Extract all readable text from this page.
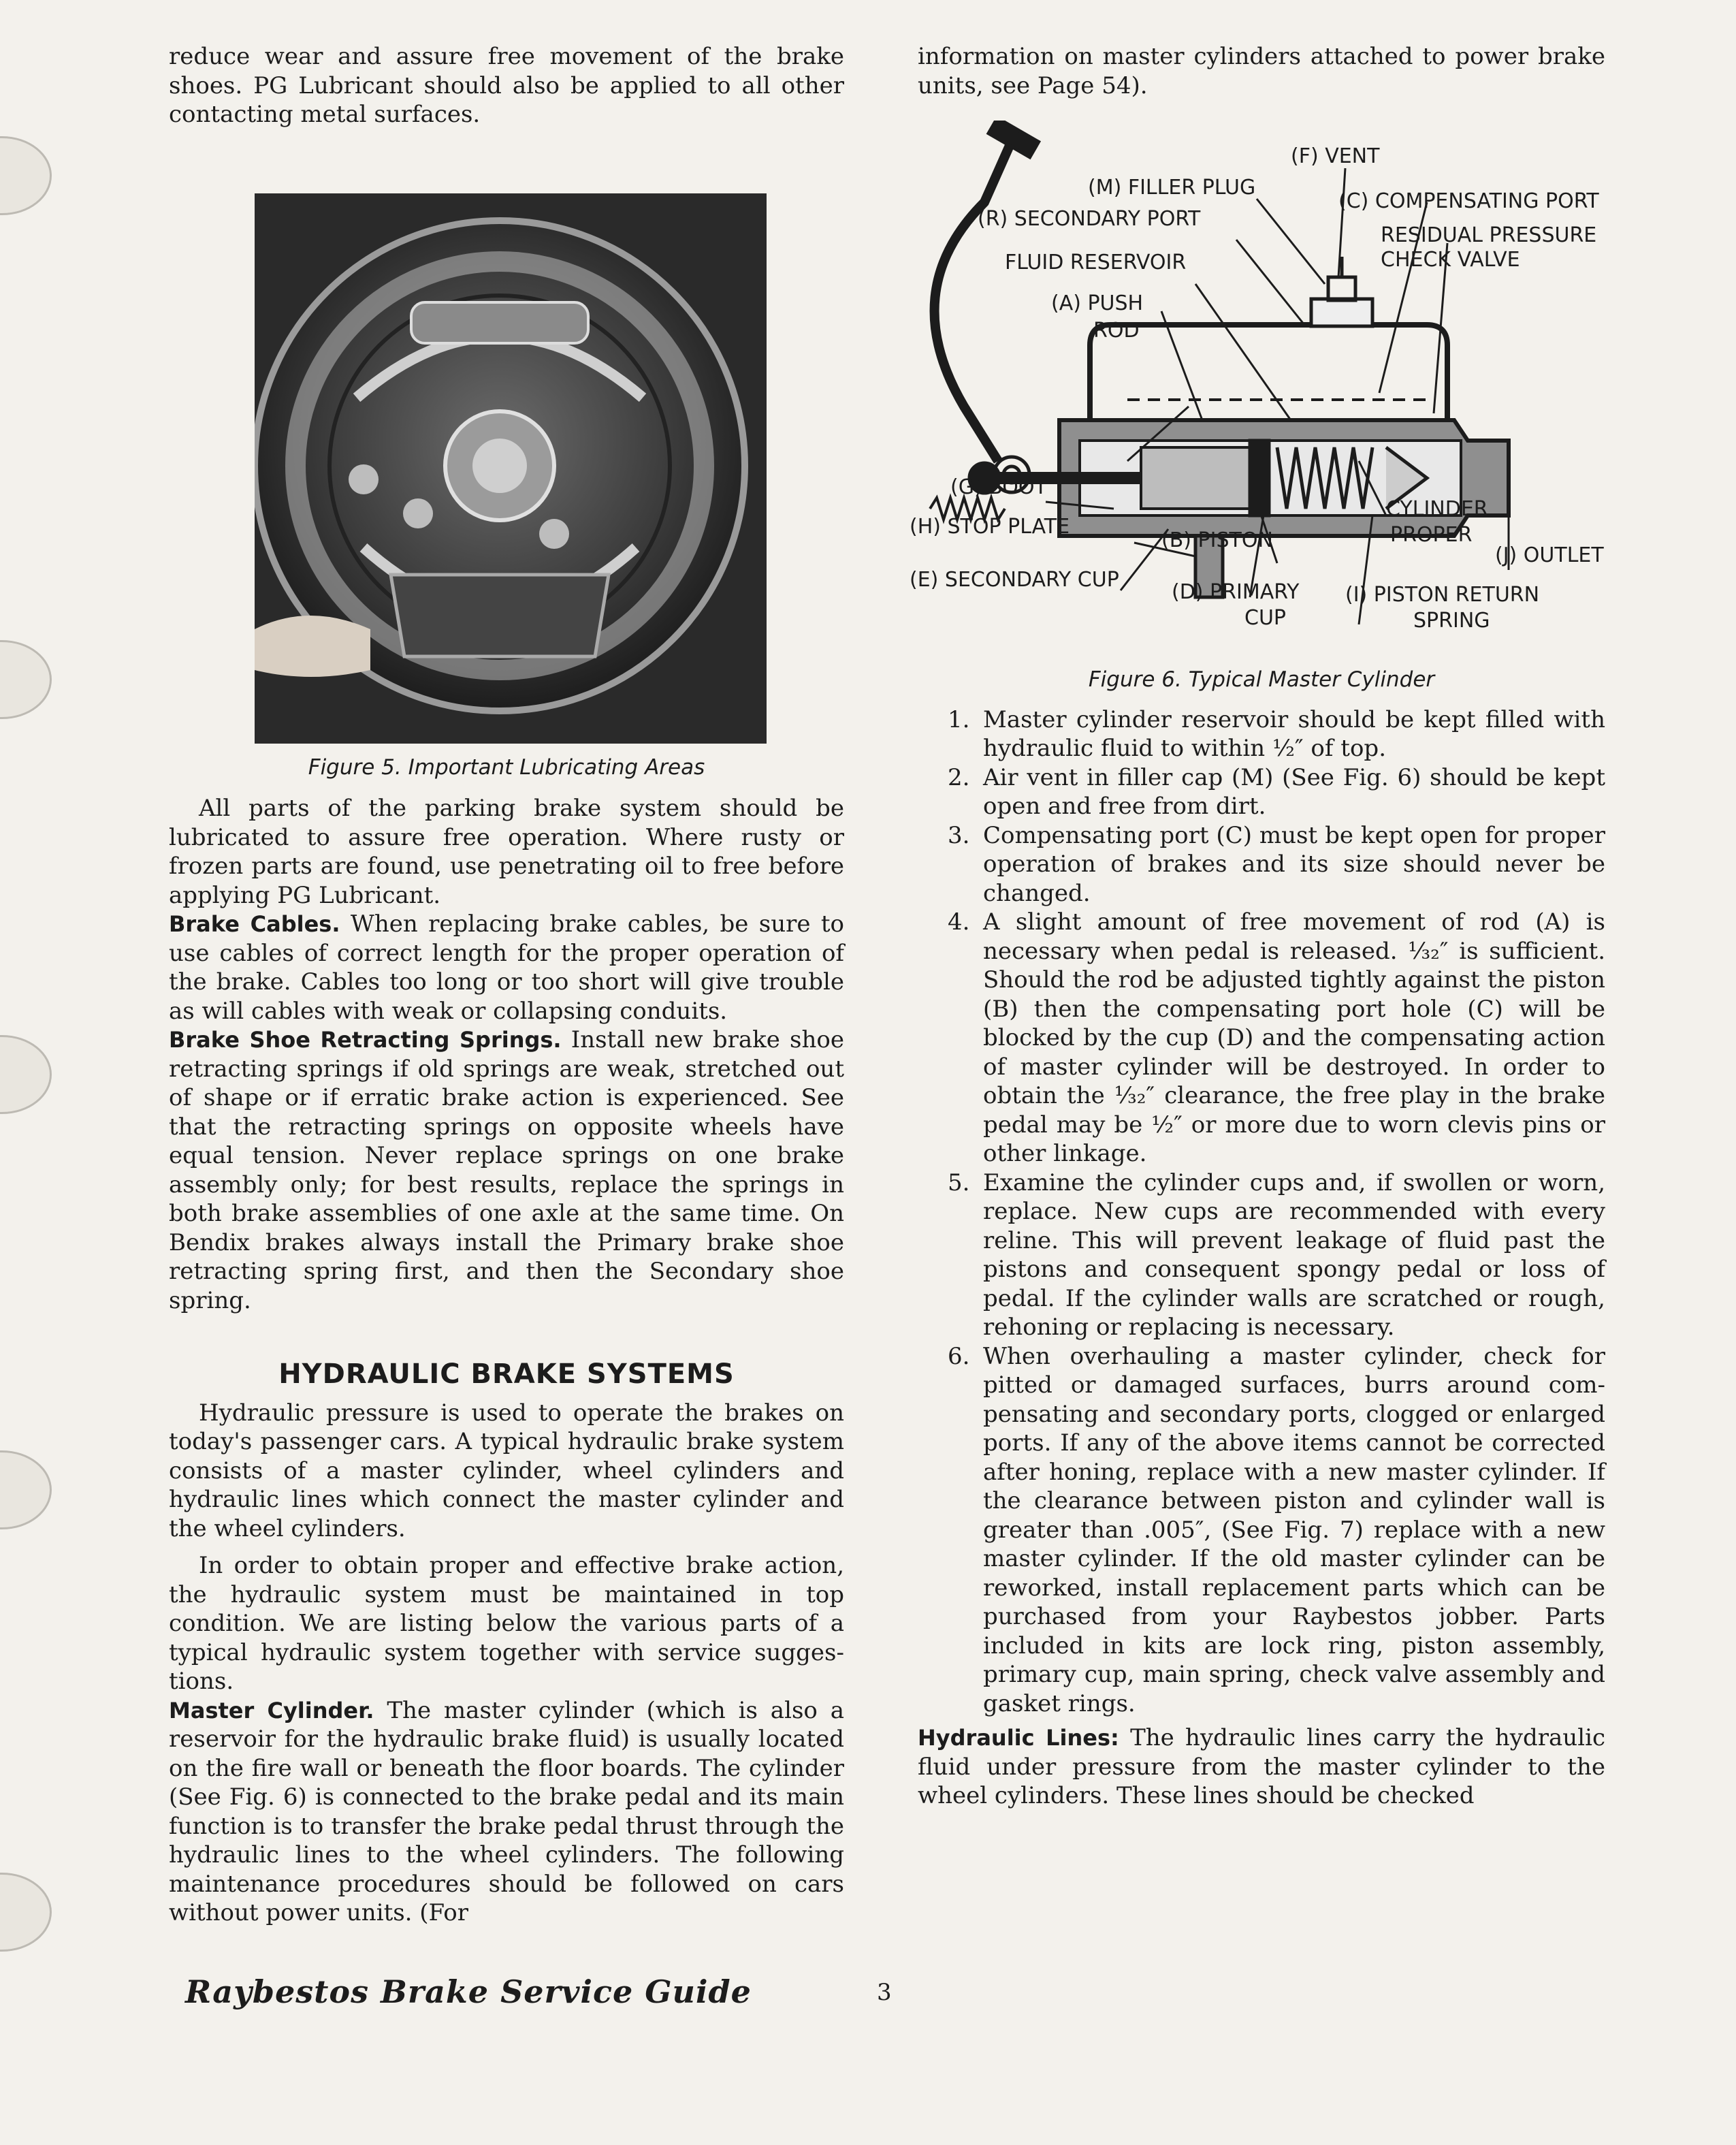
reduce wear and assure free movement of the brake shoes. PG Lubricant should also be applied to all other contacting metal surfaces.

Figure 5. Important Lubricating Areas

All parts of the parking brake system should be lubricated to assure free operation. Where rusty or frozen parts are found, use penetrating oil to free before applying PG Lubricant.

Brake Cables. When replacing brake cables, be sure to use cables of correct length for the proper operation of the brake. Cables too long or too short will give trouble as will cables with weak or collapsing conduits.

Brake Shoe Retracting Springs. Install new brake shoe retracting springs if old springs are weak, stretched out of shape or if erratic brake action is experienced. See that the retracting springs on opposite wheels have equal tension. Never replace springs on one brake assembly only; for best results, replace the springs in both brake assemblies of one axle at the same time. On Bendix brakes always install the Primary brake shoe retracting spring first, and then the Secondary shoe spring.

HYDRAULIC BRAKE SYSTEMS

Hydraulic pressure is used to operate the brakes on today's passenger cars. A typical hydraulic brake system consists of a master cylinder, wheel cylinders and hydraulic lines which connect the master cylinder and the wheel cylinders.

In order to obtain proper and effective brake action, the hydraulic system must be maintained in top condition. We are listing below the various parts of a typical hydraulic system together with service suggestions.

Master Cylinder. The master cylinder (which is also a reservoir for the hydraulic brake fluid) is usually located on the fire wall or beneath the floor boards. The cylinder (See Fig. 6) is connected to the brake pedal and its main function is to transfer the brake pedal thrust through the hydraulic lines to the wheel cylinders. The following maintenance procedures should be followed on cars without power units. (For

information on master cylinders attached to power brake units, see Page 54).

(F) VENT
(M) FILLER PLUG
(C) COMPENSATING PORT
(R) SECONDARY PORT
RESIDUAL PRESSURE
CHECK VALVE
FLUID RESERVOIR
(A) PUSH
ROD
(G) BOOT
(H) STOP PLATE
CYLINDER
PROPER
(B) PISTON
(J) OUTLET
(E) SECONDARY CUP
(D) PRIMARY
CUP
(I) PISTON RETURN
SPRING

Figure 6. Typical Master Cylinder

1. Master cylinder reservoir should be kept filled with hydraulic fluid to within ½″ of top.
2. Air vent in filler cap (M) (See Fig. 6) should be kept open and free from dirt.
3. Compensating port (C) must be kept open for proper operation of brakes and its size should never be changed.
4. A slight amount of free movement of rod (A) is necessary when pedal is released. ¹⁄₃₂″ is sufficient. Should the rod be adjusted tightly against the piston (B) then the compensating port hole (C) will be blocked by the cup (D) and the compensating action of master cylinder will be destroyed. In order to obtain the ¹⁄₃₂″ clearance, the free play in the brake pedal may be ½″ or more due to worn clevis pins or other linkage.
5. Examine the cylinder cups and, if swollen or worn, replace. New cups are recommended with every reline. This will prevent leakage of fluid past the pistons and consequent spongy pedal or loss of pedal. If the cylinder walls are scratched or rough, rehoning or replacing is necessary.
6. When overhauling a master cylinder, check for pitted or damaged surfaces, burrs around compensating and secondary ports, clogged or enlarged ports. If any of the above items cannot be corrected after honing, replace with a new master cylinder. If the clearance between piston and cylinder wall is greater than .005″, (See Fig. 7) replace with a new master cylinder. If the old master cylinder can be reworked, install replacement parts which can be purchased from your Raybestos jobber. Parts included in kits are lock ring, piston assembly, primary cup, main spring, check valve assembly and gasket rings.

Hydraulic Lines: The hydraulic lines carry the hydraulic fluid under pressure from the master cylinder to the wheel cylinders. These lines should be checked

Raybestos Brake Service Guide	3
